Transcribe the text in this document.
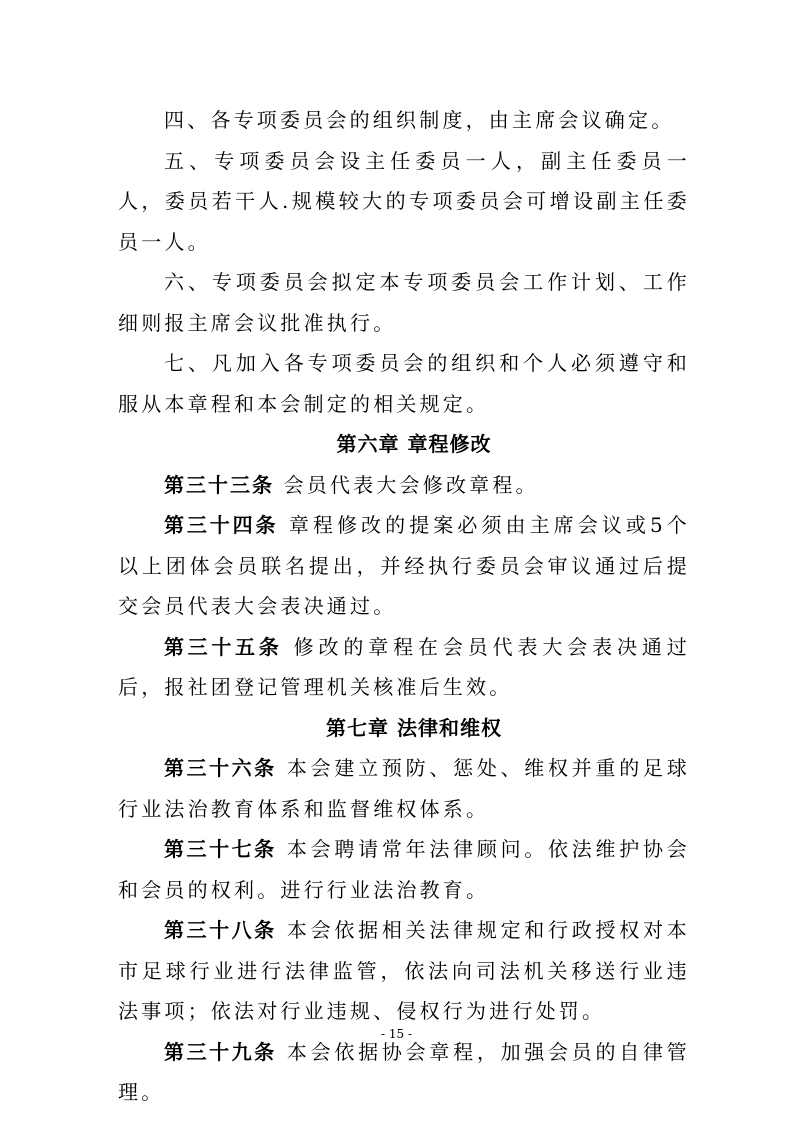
四、各专项委员会的组织制度，由主席会议确定。

五、专项委员会设主任委员一人，副主任委员一人，委员若干人.规模较大的专项委员会可增设副主任委员一人。

六、专项委员会拟定本专项委员会工作计划、工作细则报主席会议批准执行。

七、凡加入各专项委员会的组织和个人必须遵守和服从本章程和本会制定的相关规定。

第六章 章程修改

第三十三条 会员代表大会修改章程。

第三十四条 章程修改的提案必须由主席会议或5个以上团体会员联名提出，并经执行委员会审议通过后提交会员代表大会表决通过。

第三十五条 修改的章程在会员代表大会表决通过后，报社团登记管理机关核准后生效。

第七章 法律和维权

第三十六条 本会建立预防、惩处、维权并重的足球行业法治教育体系和监督维权体系。

第三十七条 本会聘请常年法律顾问。依法维护协会和会员的权利。进行行业法治教育。

第三十八条 本会依据相关法律规定和行政授权对本市足球行业进行法律监管，依法向司法机关移送行业违法事项；依法对行业违规、侵权行为进行处罚。

第三十九条 本会依据协会章程，加强会员的自律管理。

- 15 -
